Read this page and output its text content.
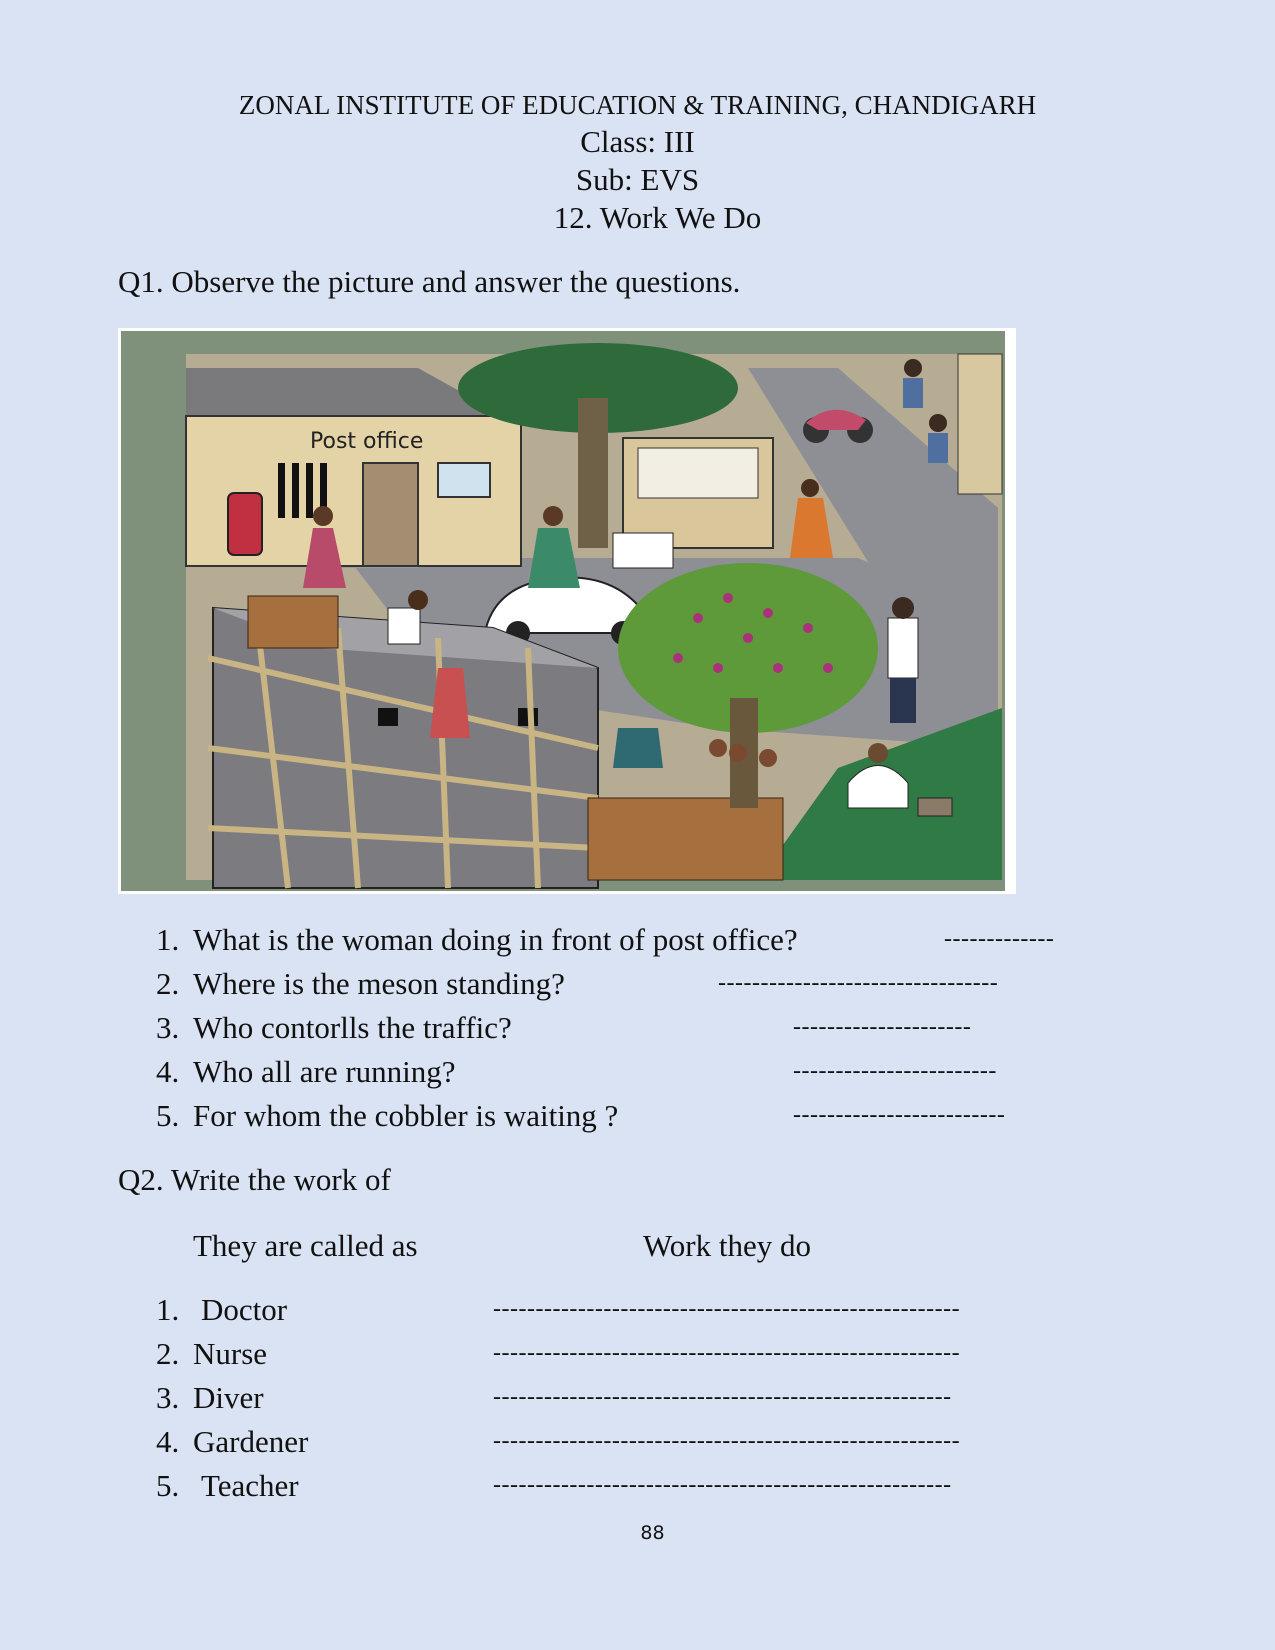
ZONAL INSTITUTE OF EDUCATION & TRAINING, CHANDIGARH
Class: III
Sub: EVS
12. Work We Do
Q1. Observe the picture and answer the questions.
Post office
1. What is the woman doing in front of post office?	-------------
2. Where is the meson standing?	---------------------------------
3. Who contorlls the traffic?	---------------------
4. Who all are running?	------------------------
5. For whom the cobbler is waiting ?	-------------------------
Q2. Write the work of
They are called as	Work they do
1. Doctor	-------------------------------------------------------
2. Nurse	-------------------------------------------------------
3. Diver	------------------------------------------------------
4. Gardener	-------------------------------------------------------
5. Teacher	------------------------------------------------------
88
